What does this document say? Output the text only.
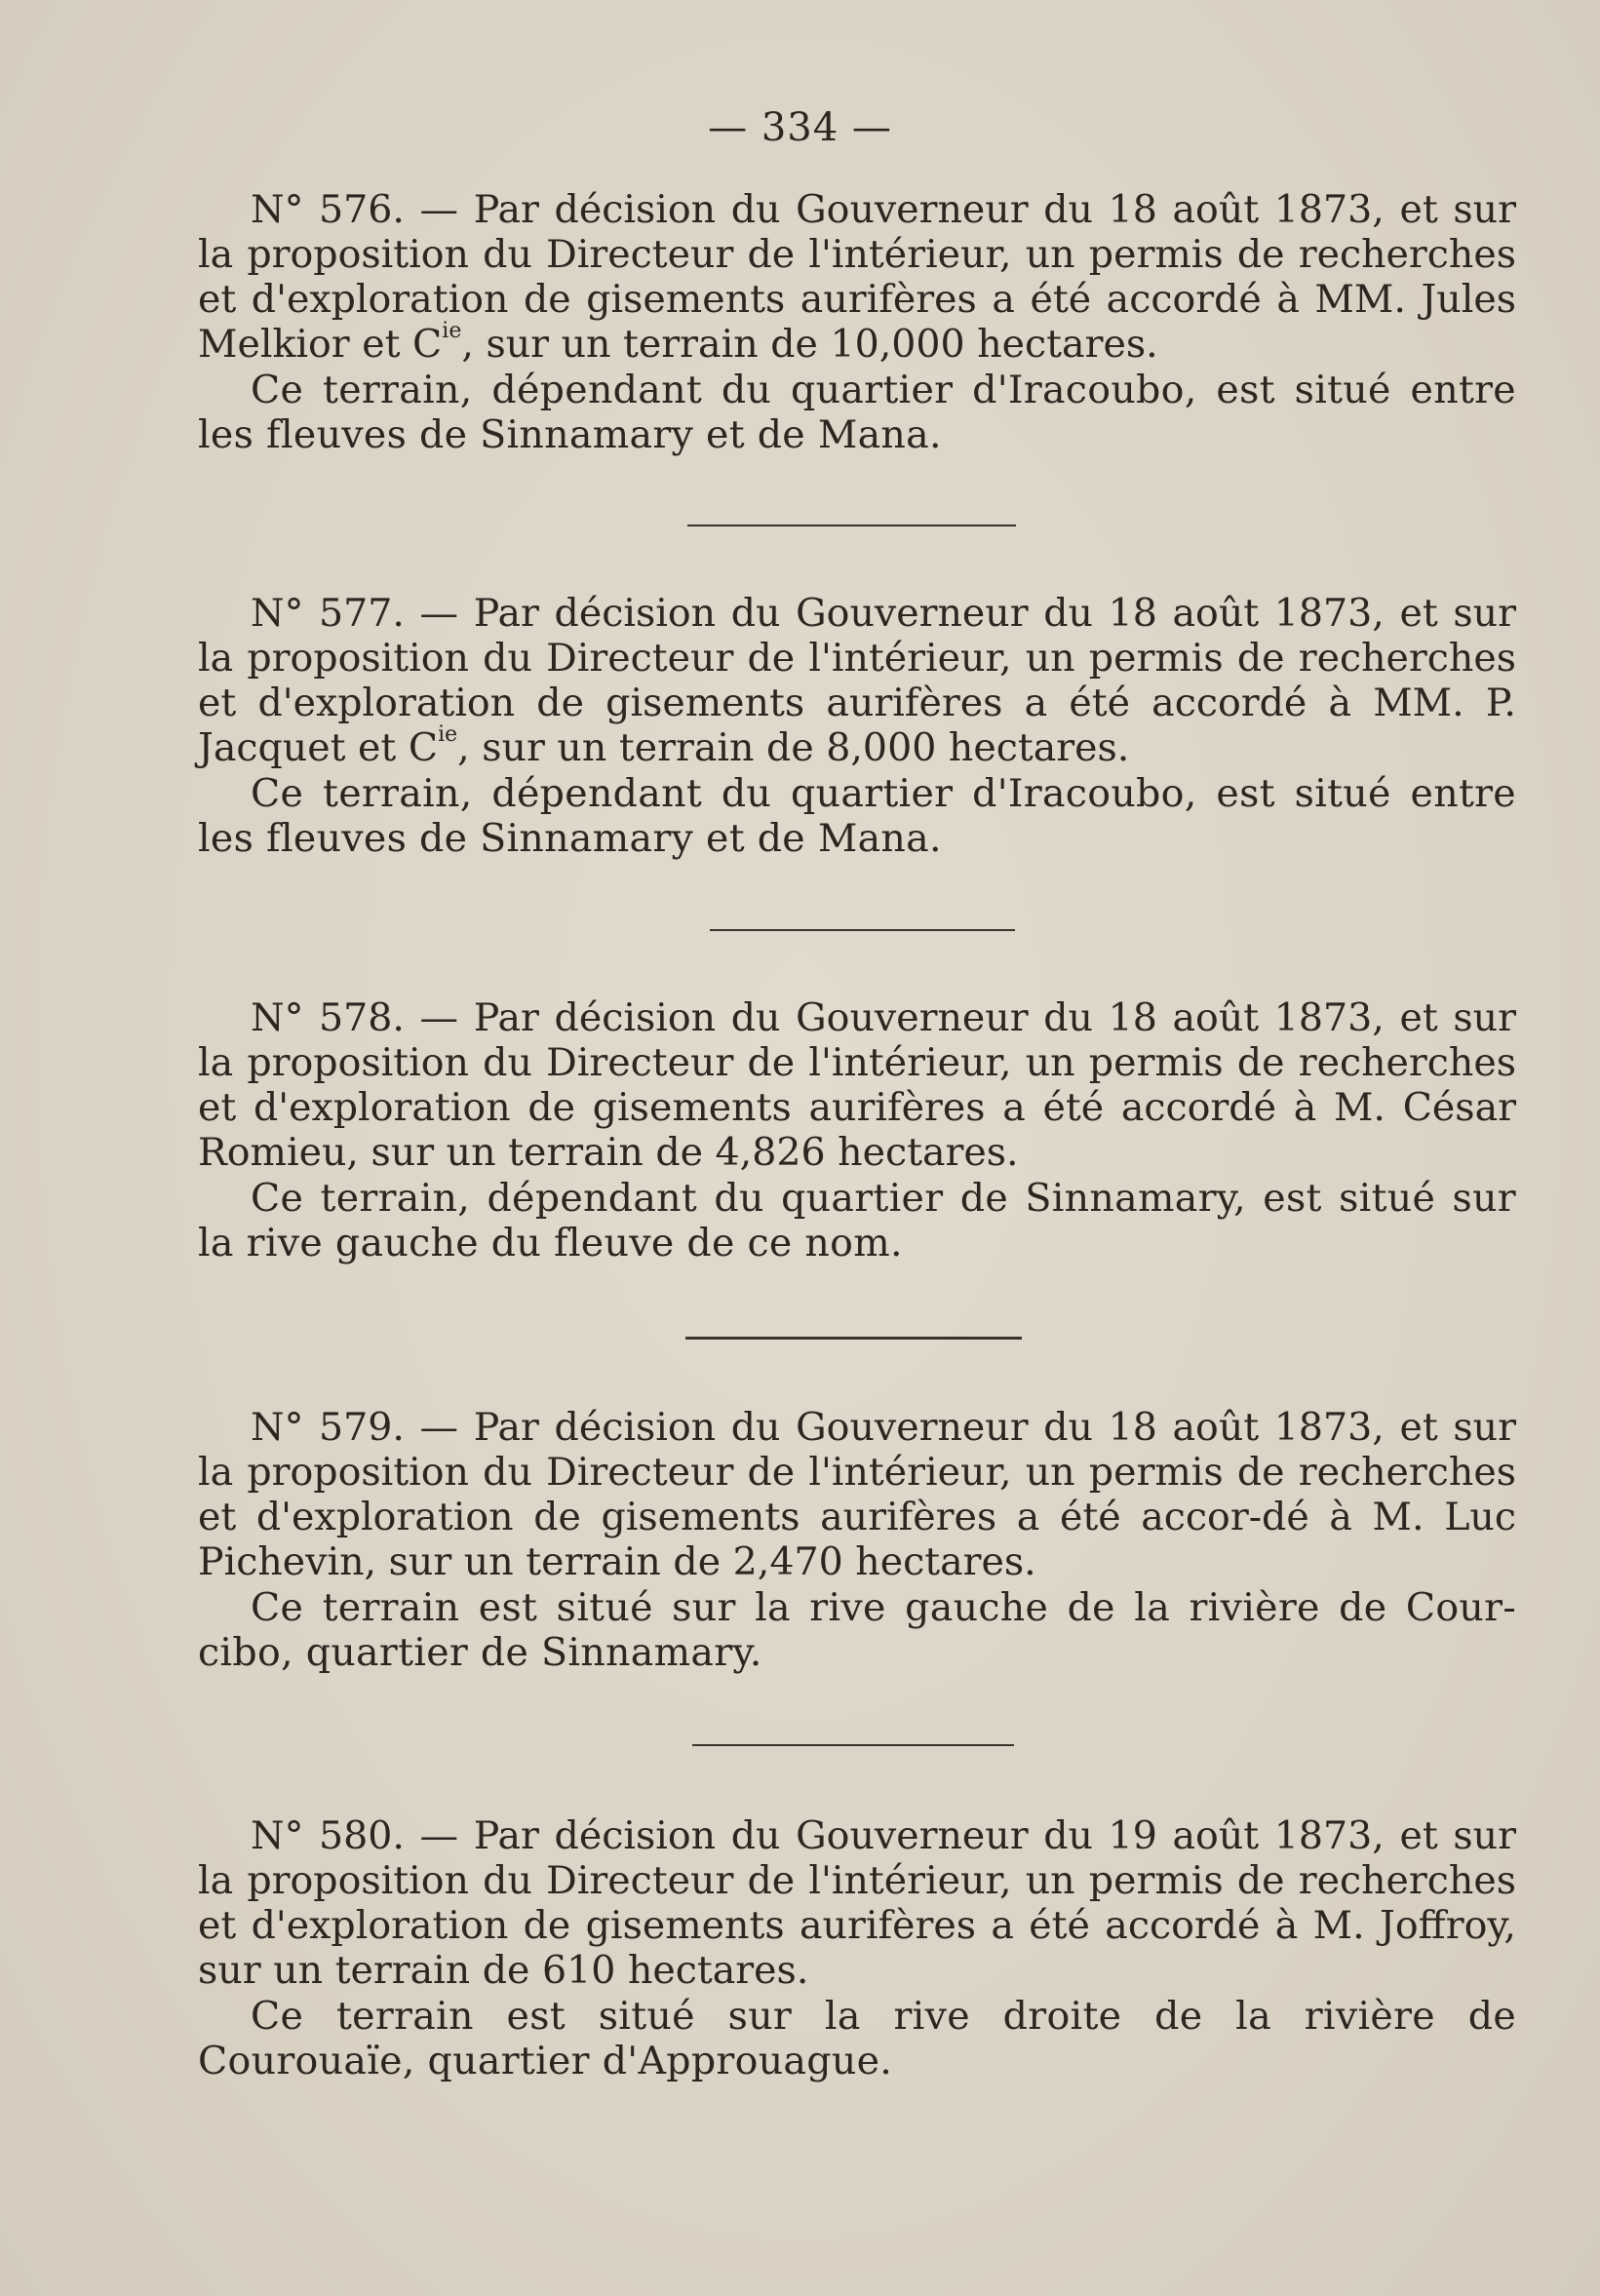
— 334 —

N° 576. — Par décision du Gouverneur du 18 août 1873, et sur la proposition du Directeur de l'intérieur, un permis de recherches et d'exploration de gisements aurifères a été accordé à MM. Jules Melkior et $C^{ie}$, sur un terrain de 10,000 hectares.

Ce terrain, dépendant du quartier d'Iracoubo, est situé entre les fleuves de Sinnamary et de Mana.

N° 577. — Par décision du Gouverneur du 18 août 1873, et sur la proposition du Directeur de l'intérieur, un permis de recherches et d'exploration de gisements aurifères a été accordé à MM. P. Jacquet et $C^{ie}$, sur un terrain de 8,000 hectares.

Ce terrain, dépendant du quartier d'Iracoubo, est situé entre les fleuves de Sinnamary et de Mana.

N° 578. — Par décision du Gouverneur du 18 août 1873, et sur la proposition du Directeur de l'intérieur, un permis de recherches et d'exploration de gisements aurifères a été accordé à M. César Romieu, sur un terrain de 4,826 hectares.

Ce terrain, dépendant du quartier de Sinnamary, est situé sur la rive gauche du fleuve de ce nom.

N° 579. — Par décision du Gouverneur du 18 août 1873, et sur la proposition du Directeur de l'intérieur, un permis de recherches et d'exploration de gisements aurifères a été accor-dé à M. Luc Pichevin, sur un terrain de 2,470 hectares.

Ce terrain est situé sur la rive gauche de la rivière de Cour-cibo, quartier de Sinnamary.

N° 580. — Par décision du Gouverneur du 19 août 1873, et sur la proposition du Directeur de l'intérieur, un permis de recherches et d'exploration de gisements aurifères a été accordé à M. Joffroy, sur un terrain de 610 hectares.

Ce terrain est situé sur la rive droite de la rivière de Courouaïe, quartier d'Approuague.
